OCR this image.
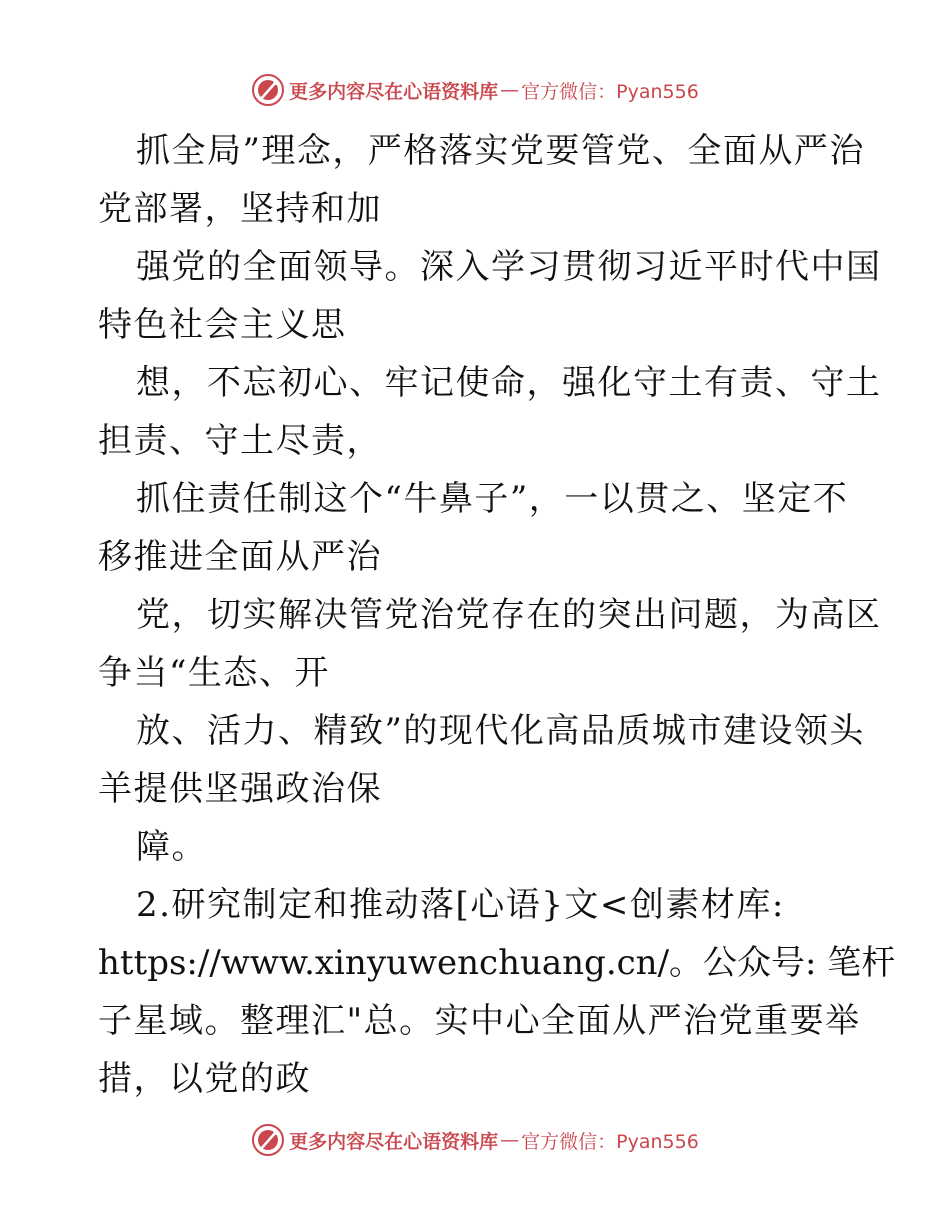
更多内容尽在心语资料库 — 官方微信：Pyan556
抓全局”理念，严格落实党要管党、全面从严治
党部署，坚持和加
强党的全面领导。深入学习贯彻习近平时代中国
特色社会主义思
想，不忘初心、牢记使命，强化守土有责、守土
担责、守土尽责，
抓住责任制这个“牛鼻子”，一以贯之、坚定不
移推进全面从严治
党，切实解决管党治党存在的突出问题，为高区
争当“生态、开
放、活力、精致”的现代化高品质城市建设领头
羊提供坚强政治保
障。
2.研究制定和推动落[心语}文<创素材库:
https://www.xinyuwenchuang.cn/。公众号: 笔杆
子星域。整理汇"总。实中心全面从严治党重要举
措，以党的政
更多内容尽在心语资料库 — 官方微信：Pyan556
